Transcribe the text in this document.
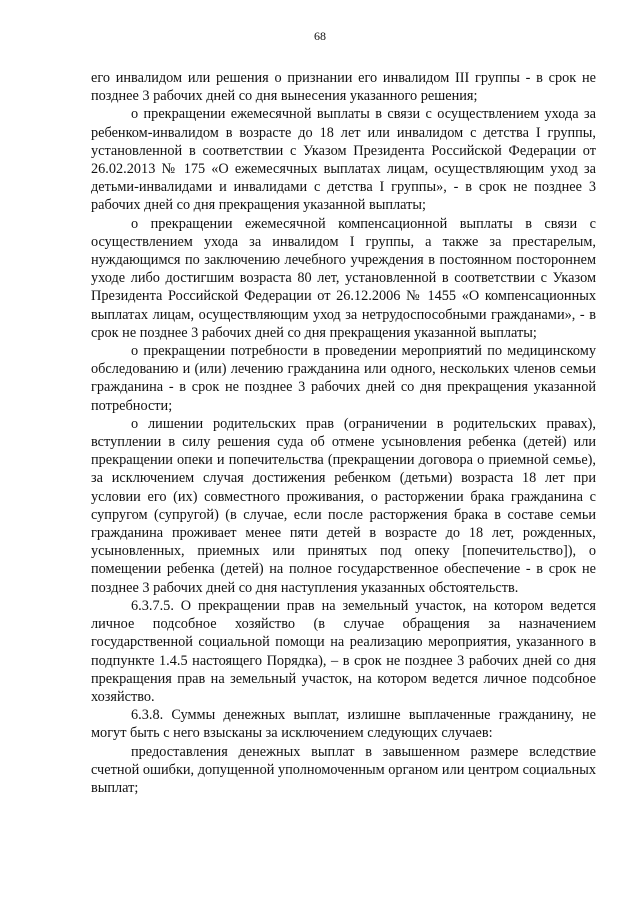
68

его инвалидом или решения о признании его инвалидом III группы - в срок не позднее 3 рабочих дней со дня вынесения указанного решения;

о прекращении ежемесячной выплаты в связи с осуществлением ухода за ребенком-инвалидом в возрасте до 18 лет или инвалидом с детства I группы, установленной в соответствии с Указом Президента Российской Федерации от 26.02.2013 № 175 «О ежемесячных выплатах лицам, осуществляющим уход за детьми-инвалидами и инвалидами с детства I группы», - в срок не позднее 3 рабочих дней со дня прекращения указанной выплаты;

о прекращении ежемесячной компенсационной выплаты в связи с осуществлением ухода за инвалидом I группы, а также за престарелым, нуждающимся по заключению лечебного учреждения в постоянном постороннем уходе либо достигшим возраста 80 лет, установленной в соответствии с Указом Президента Российской Федерации от 26.12.2006 № 1455 «О компенсационных выплатах лицам, осуществляющим уход за нетрудоспособными гражданами», - в срок не позднее 3 рабочих дней со дня прекращения указанной выплаты;

о прекращении потребности в проведении мероприятий по медицинскому обследованию и (или) лечению гражданина или одного, нескольких членов семьи гражданина - в срок не позднее 3 рабочих дней со дня прекращения указанной потребности;

о лишении родительских прав (ограничении в родительских правах), вступлении в силу решения суда об отмене усыновления ребенка (детей) или прекращении опеки и попечительства (прекращении договора о приемной семье), за исключением случая достижения ребенком (детьми) возраста 18 лет при условии его (их) совместного проживания, о расторжении брака гражданина с супругом (супругой) (в случае, если после расторжения брака в составе семьи гражданина проживает менее пяти детей в возрасте до 18 лет, рожденных, усыновленных, приемных или принятых под опеку [попечительство]), о помещении ребенка (детей) на полное государственное обеспечение - в срок не позднее 3 рабочих дней со дня наступления указанных обстоятельств.

6.3.7.5. О прекращении прав на земельный участок, на котором ведется личное подсобное хозяйство (в случае обращения за назначением государственной социальной помощи на реализацию мероприятия, указанного в подпункте 1.4.5 настоящего Порядка), – в срок не позднее 3 рабочих дней со дня прекращения прав на земельный участок, на котором ведется личное подсобное хозяйство.

6.3.8. Суммы денежных выплат, излишне выплаченные гражданину, не могут быть с него взысканы за исключением следующих случаев:

предоставления денежных выплат в завышенном размере вследствие счетной ошибки, допущенной уполномоченным органом или центром социальных выплат;
